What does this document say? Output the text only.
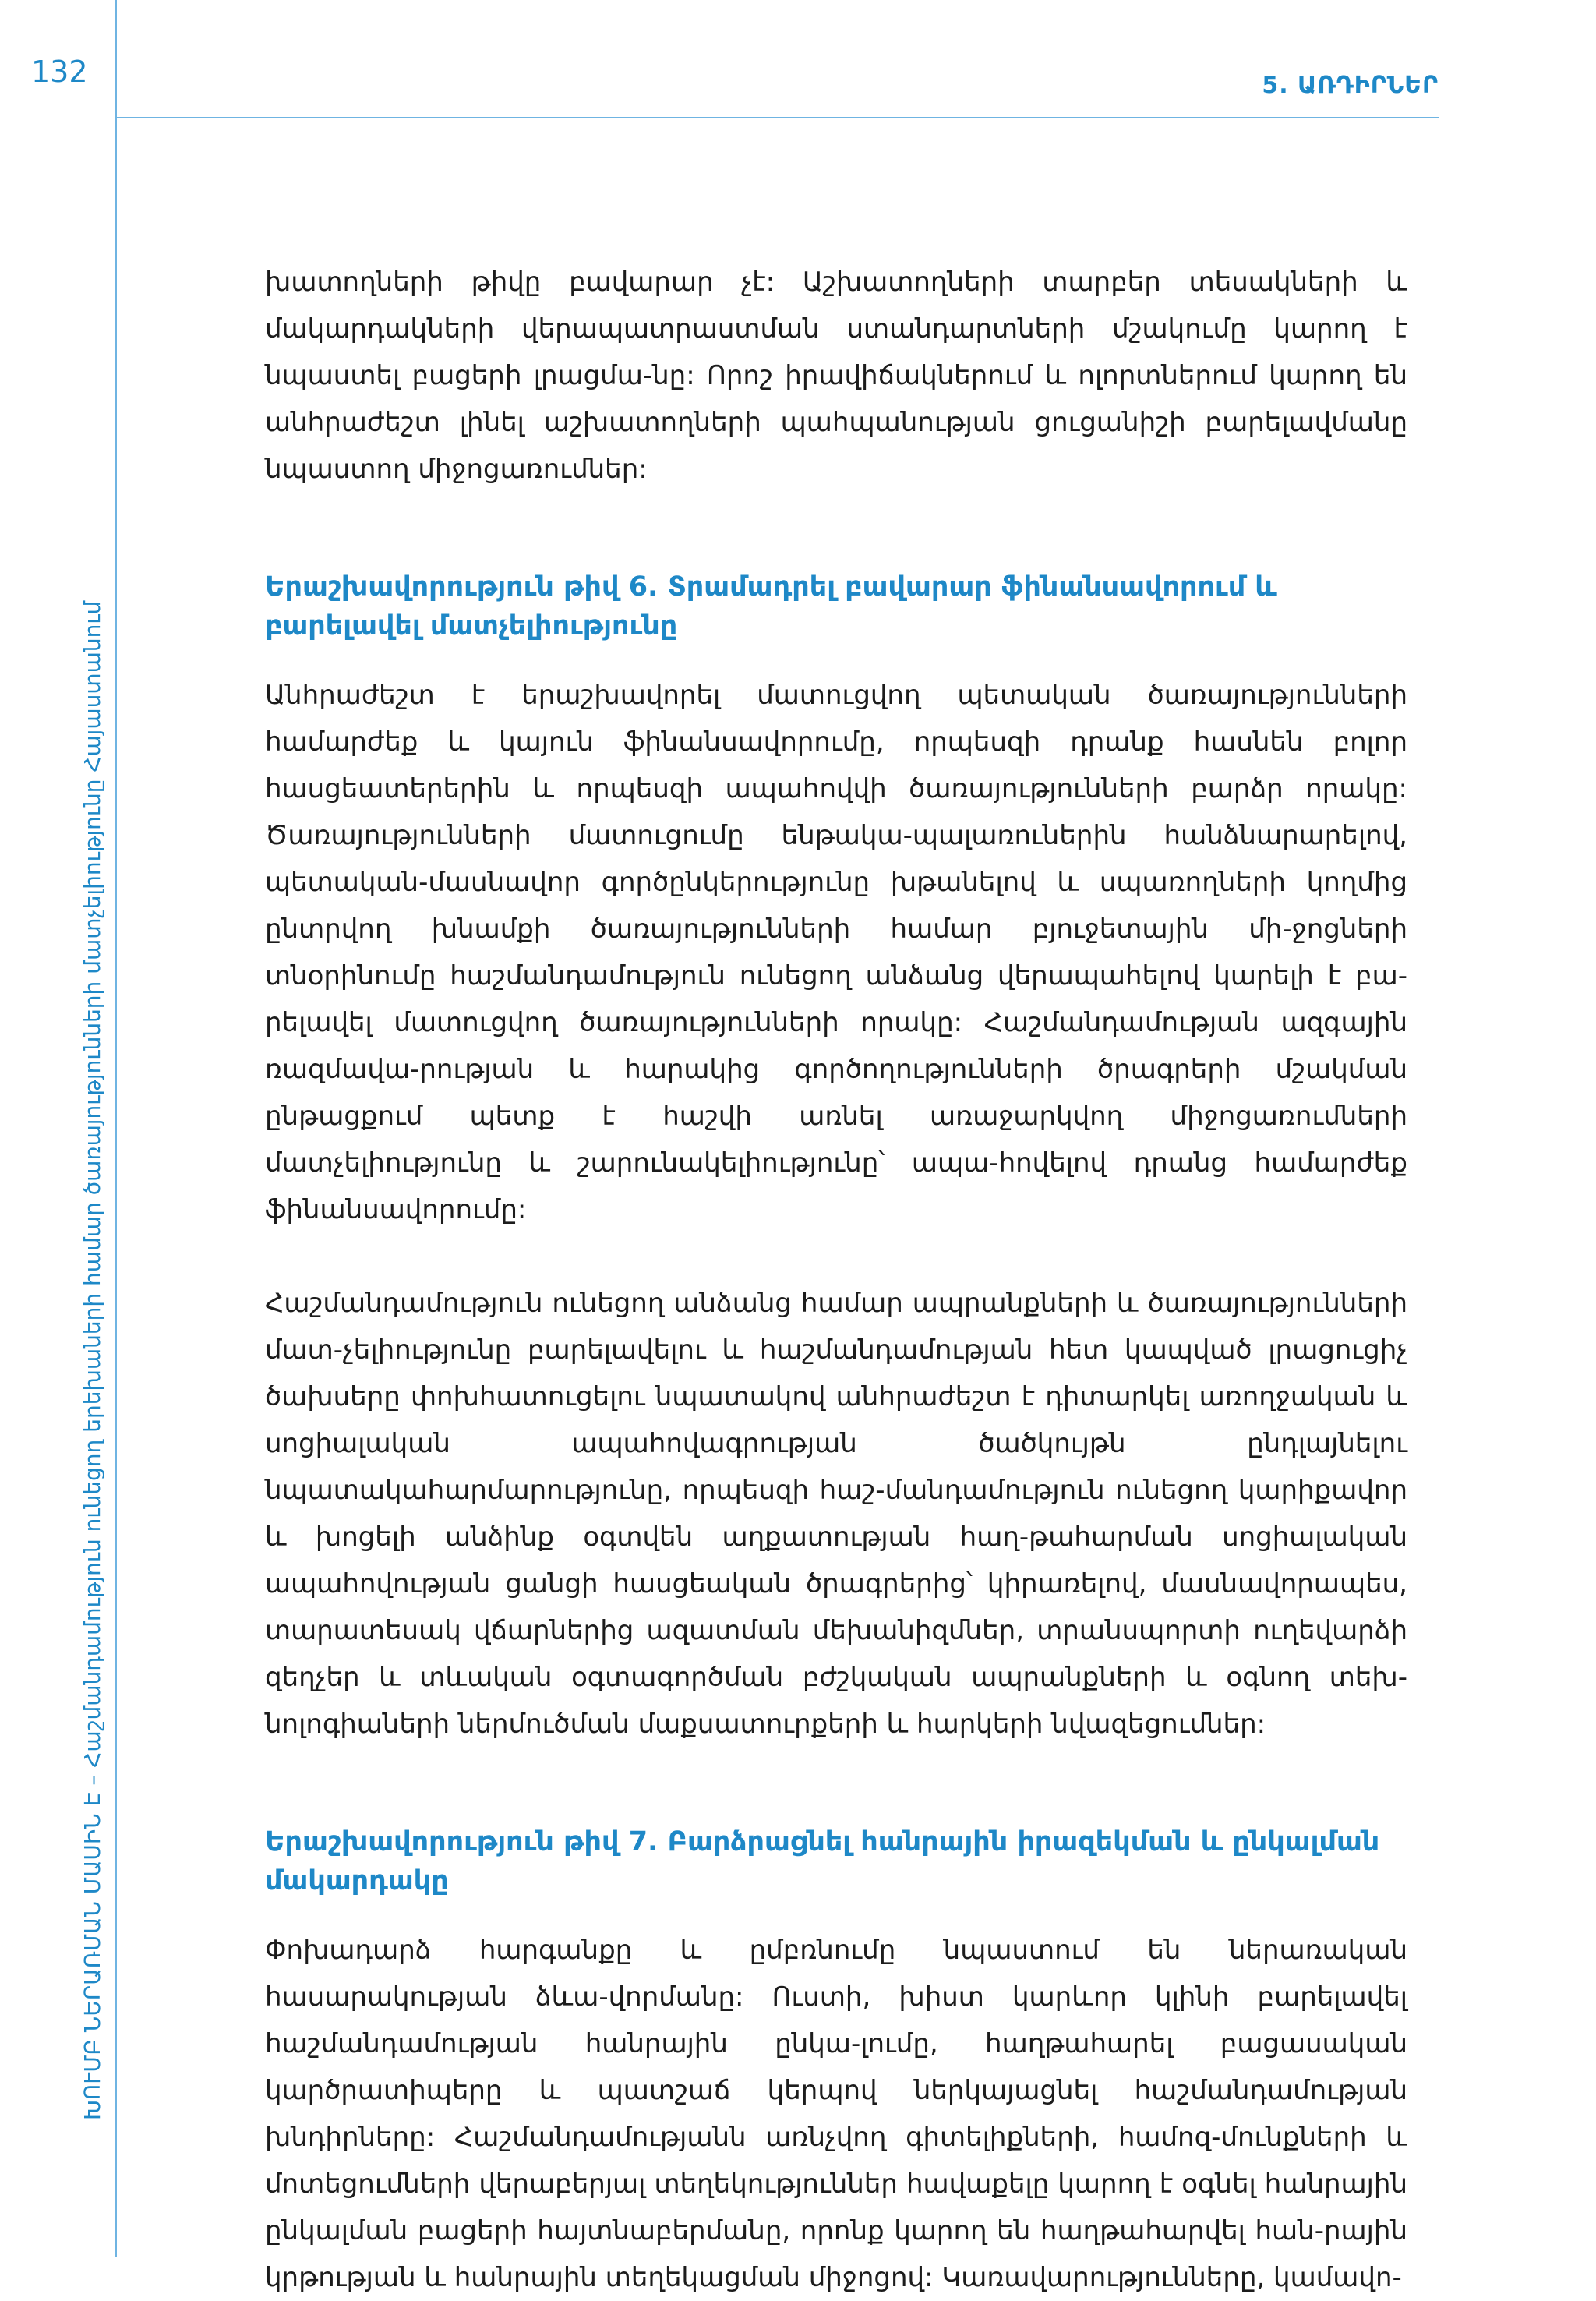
132	5. ԱՌԴԻՐՆԵՐ
ԽՈՒՄԲ ՆԵՐԱՌՄԱՆ ՄԱՍԻՆ Է – Հաշմանդամություն ունեցող երեխաների համար ծառայությունների մատչելիությունը Հայաստանում

խատողների թիվը բավարար չէ: Աշխատողների տարբեր տեսակների և մակարդակների վերապատրաստման ստանդարտների մշակումը կարող է նպաստել բացերի լրացմա-նը: Որոշ իրավիճակներում և ոլորտներում կարող են անհրաժեշտ լինել աշխատողների պահպանության ցուցանիշի բարելավմանը նպաստող միջոցառումներ:

Երաշխավորություն թիվ 6. Տրամադրել բավարար ֆինանսավորում և բարելավել մատչելիությունը

Անհրաժեշտ է երաշխավորել մատուցվող պետական ծառայությունների համարժեք և կայուն ֆինանսավորումը, որպեսզի դրանք հասնեն բոլոր հասցեատերերին և որպեսզի ապահովվի ծառայությունների բարձր որակը: Ծառայությունների մատուցումը ենթակա-պալառուներին հանձնարարելով, պետական-մասնավոր գործընկերությունը խթանելով և սպառողների կողմից ընտրվող խնամքի ծառայությունների համար բյուջետային մի-ջոցների տնօրինումը հաշմանդամություն ունեցող անձանց վերապահելով կարելի է բա-րելավել մատուցվող ծառայությունների որակը: Հաշմանդամության ազգային ռազմավա-րության և հարակից գործողությունների ծրագրերի մշակման ընթացքում պետք է հաշվի առնել առաջարկվող միջոցառումների մատչելիությունը և շարունակելիությունը՝ ապա-հովելով դրանց համարժեք ֆինանսավորումը:

Հաշմանդամություն ունեցող անձանց համար ապրանքների և ծառայությունների մատ-չելիությունը բարելավելու և հաշմանդամության հետ կապված լրացուցիչ ծախսերը փոխհատուցելու նպատակով անհրաժեշտ է դիտարկել առողջական և սոցիալական ապահովագրության ծածկույթն ընդլայնելու նպատակահարմարությունը, որպեսզի հաշ-մանդամություն ունեցող կարիքավոր և խոցելի անձինք օգտվեն աղքատության հաղ-թահարման սոցիալական ապահովության ցանցի հասցեական ծրագրերից՝ կիրառելով, մասնավորապես, տարատեսակ վճարներից ազատման մեխանիզմներ, տրանսպորտի ուղեվարձի զեղչեր և տևական օգտագործման բժշկական ապրանքների և օգնող տեխ-նոլոգիաների ներմուծման մաքսատուրքերի և հարկերի նվազեցումներ:

Երաշխավորություն թիվ 7. Բարձրացնել հանրային իրազեկման և ընկալման մակարդակը

Փոխադարձ հարգանքը և ըմբռնումը նպաստում են ներառական հասարակության ձևա-վորմանը: Ուստի, խիստ կարևոր կլինի բարելավել հաշմանդամության հանրային ընկա-լումը, հաղթահարել բացասական կարծրատիպերը և պատշաճ կերպով ներկայացնել հաշմանդամության խնդիրները: Հաշմանդամությանն առնչվող գիտելիքների, համոզ-մունքների և մոտեցումների վերաբերյալ տեղեկություններ հավաքելը կարող է օգնել հանրային ընկալման բացերի հայտնաբերմանը, որոնք կարող են հաղթահարվել հան-րային կրթության և հանրային տեղեկացման միջոցով: Կառավարությունները, կամավո-
